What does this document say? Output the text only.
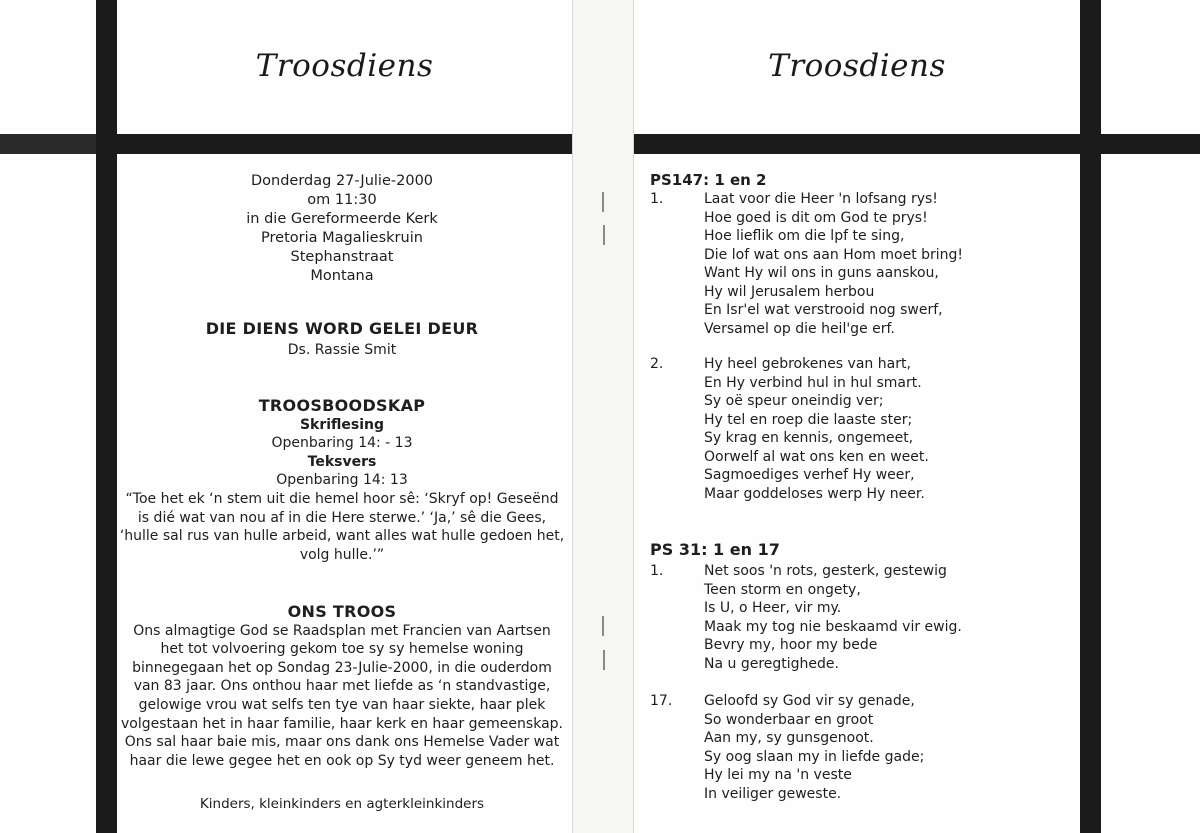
Troosdiens
Donderdag 27-Julie-2000
om 11:30
in die Gereformeerde Kerk
Pretoria Magalieskruin
Stephanstraat
Montana
DIE DIENS WORD GELEI DEUR
Ds. Rassie Smit
TROOSBOODSKAP
Skriflesing
Openbaring 14: - 13
Teksvers
Openbaring 14: 13
“Toe het ek ‘n stem uit die hemel hoor sê: ‘Skryf op! Geseënd
is dié wat van nou af in die Here sterwe.’ ‘Ja,’ sê die Gees,
‘hulle sal rus van hulle arbeid, want alles wat hulle gedoen het,
volg hulle.’”
ONS TROOS
Ons almagtige God se Raadsplan met Francien van Aartsen
het tot volvoering gekom toe sy sy hemelse woning
binnegegaan het op Sondag 23-Julie-2000, in die ouderdom
van 83 jaar. Ons onthou haar met liefde as ‘n standvastige,
gelowige vrou wat selfs ten tye van haar siekte, haar plek
volgestaan het in haar familie, haar kerk en haar gemeenskap.
Ons sal haar baie mis, maar ons dank ons Hemelse Vader wat
haar die lewe gegee het en ook op Sy tyd weer geneem het.
Kinders, kleinkinders en agterkleinkinders
Troosdiens
PS147: 1 en 2
1.	Laat voor die Heer 'n lofsang rys!
Hoe goed is dit om God te prys!
Hoe lieflik om die lpf te sing,
Die lof wat ons aan Hom moet bring!
Want Hy wil ons in guns aanskou,
Hy wil Jerusalem herbou
En Isr'el wat verstrooid nog swerf,
Versamel op die heil'ge erf.
2.	Hy heel gebrokenes van hart,
En Hy verbind hul in hul smart.
Sy oë speur oneindig ver;
Hy tel en roep die laaste ster;
Sy krag en kennis, ongemeet,
Oorwelf al wat ons ken en weet.
Sagmoediges verhef Hy weer,
Maar goddeloses werp Hy neer.
PS 31: 1 en 17
1.	Net soos 'n rots, gesterk, gestewig
Teen storm en ongety,
Is U, o Heer, vir my.
Maak my tog nie beskaamd vir ewig.
Bevry my, hoor my bede
Na u geregtighede.
17. Geloofd sy God vir sy genade,
So wonderbaar en groot
Aan my, sy gunsgenoot.
Sy oog slaan my in liefde gade;
Hy lei my na 'n veste
In veiliger geweste.
